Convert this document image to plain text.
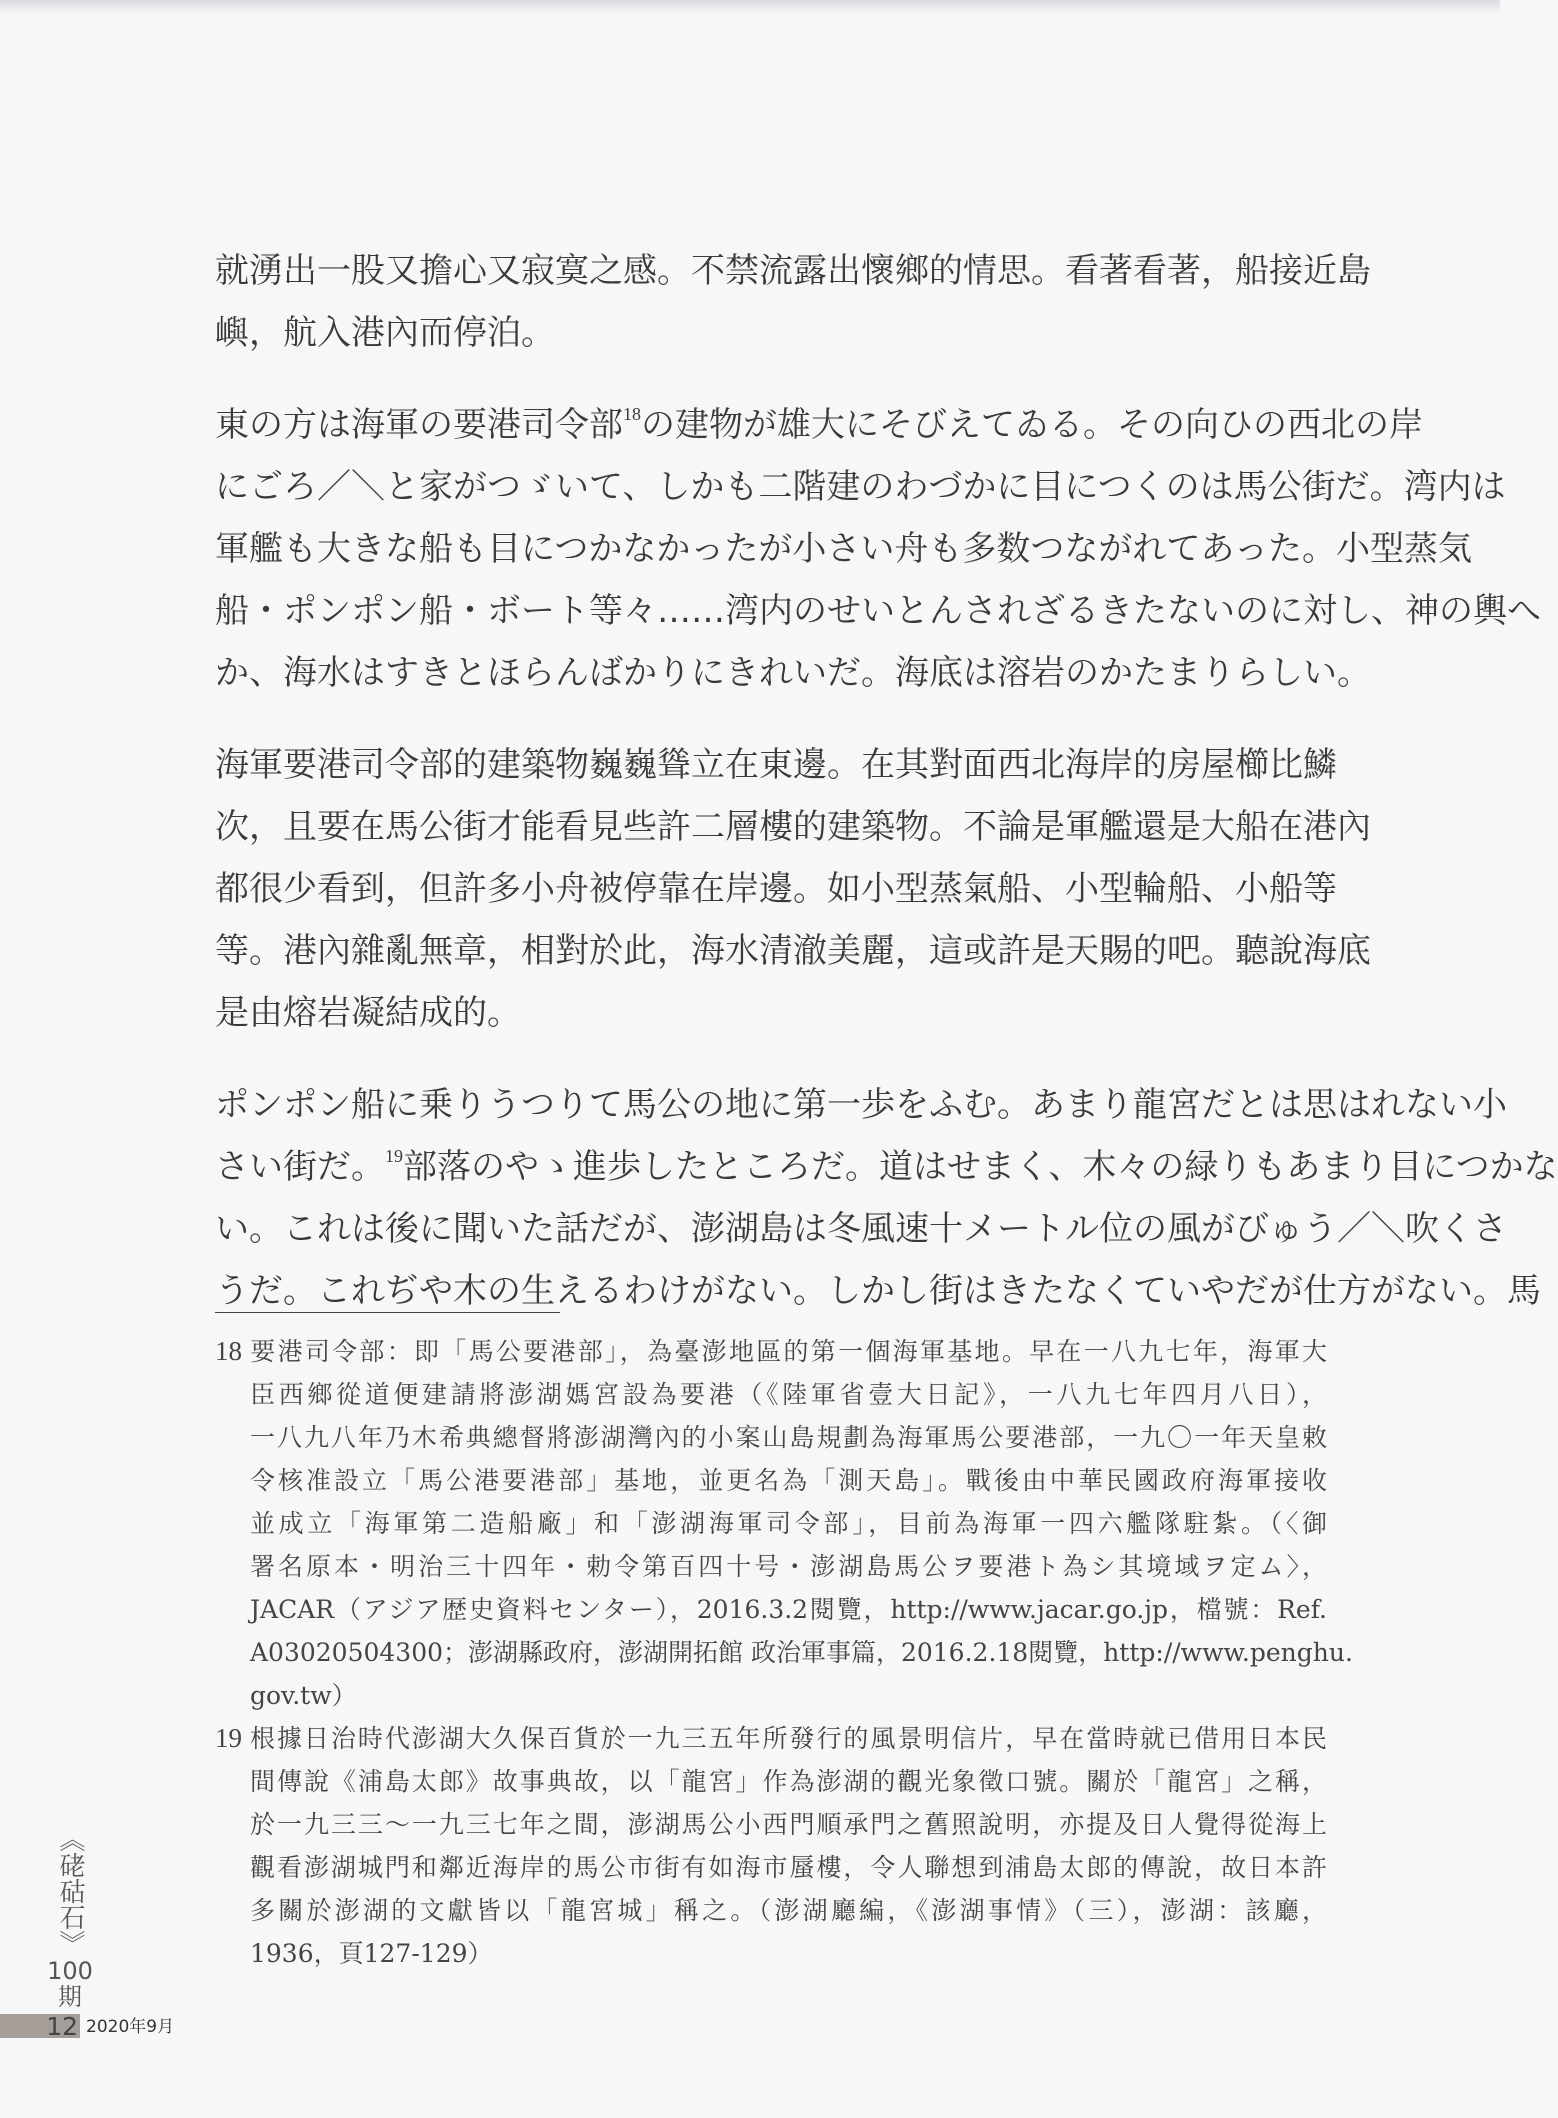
就湧出一股又擔心又寂寞之感。不禁流露出懷鄉的情思。看著看著，船接近島
嶼，航入港內而停泊。
東の方は海軍の要港司令部$^{18}$の建物が雄大にそびえてゐる。その向ひの西北の岸
にごろ／＼と家がつゞいて、しかも二階建のわづかに目につくのは馬公街だ。湾内は
軍艦も大きな船も目につかなかったが小さい舟も多数つながれてあった。小型蒸気
船・ポンポン船・ボート等々……湾内のせいとんされざるきたないのに対し、神の輿へ
か、海水はすきとほらんばかりにきれいだ。海底は溶岩のかたまりらしい。
海軍要港司令部的建築物巍巍聳立在東邊。在其對面西北海岸的房屋櫛比鱗
次，且要在馬公街才能看見些許二層樓的建築物。不論是軍艦還是大船在港內
都很少看到，但許多小舟被停靠在岸邊。如小型蒸氣船、小型輪船、小船等
等。港內雜亂無章，相對於此，海水清澈美麗，這或許是天賜的吧。聽說海底
是由熔岩凝結成的。
ポンポン船に乗りうつりて馬公の地に第一歩をふむ。あまり龍宮だとは思はれない小
さい街だ。$^{19}$部落のやゝ進歩したところだ。道はせまく、木々の緑りもあまり目につかな
い。これは後に聞いた話だが、澎湖島は冬風速十メートル位の風がびゅう／＼吹くさ
うだ。これぢや木の生えるわけがない。しかし街はきたなくていやだが仕方がない。馬
18 要港司令部：即「馬公要港部」，為臺澎地區的第一個海軍基地。早在一八九七年，海軍大
臣西鄉從道便建請將澎湖媽宮設為要港（《陸軍省壹大日記》，一八九七年四月八日），
一八九八年乃木希典總督將澎湖灣內的小案山島規劃為海軍馬公要港部，一九〇一年天皇敕
令核准設立「馬公港要港部」基地，並更名為「測天島」。戰後由中華民國政府海軍接收
並成立「海軍第二造船廠」和「澎湖海軍司令部」，目前為海軍一四六艦隊駐紮。（〈御
署名原本・明治三十四年・勅令第百四十号・澎湖島馬公ヲ要港ト為シ其境域ヲ定ム〉，
JACAR（アジア歴史資料センター），2016.3.2閱覽，http://www.jacar.go.jp，檔號：Ref.
A03020504300；澎湖縣政府，澎湖開拓館 政治軍事篇，2016.2.18閱覽，http://www.penghu.
gov.tw）
19 根據日治時代澎湖大久保百貨於一九三五年所發行的風景明信片，早在當時就已借用日本民
間傳說《浦島太郎》故事典故，以「龍宮」作為澎湖的觀光象徵口號。關於「龍宮」之稱，
於一九三三～一九三七年之間，澎湖馬公小西門順承門之舊照說明，亦提及日人覺得從海上
觀看澎湖城門和鄰近海岸的馬公市街有如海市蜃樓，令人聯想到浦島太郎的傳說，故日本許
多關於澎湖的文獻皆以「龍宮城」稱之。（澎湖廳編，《澎湖事情》（三），澎湖：該廳，
1936，頁127-129）
《硓𥑮石》
100
期
12 2020年9月
